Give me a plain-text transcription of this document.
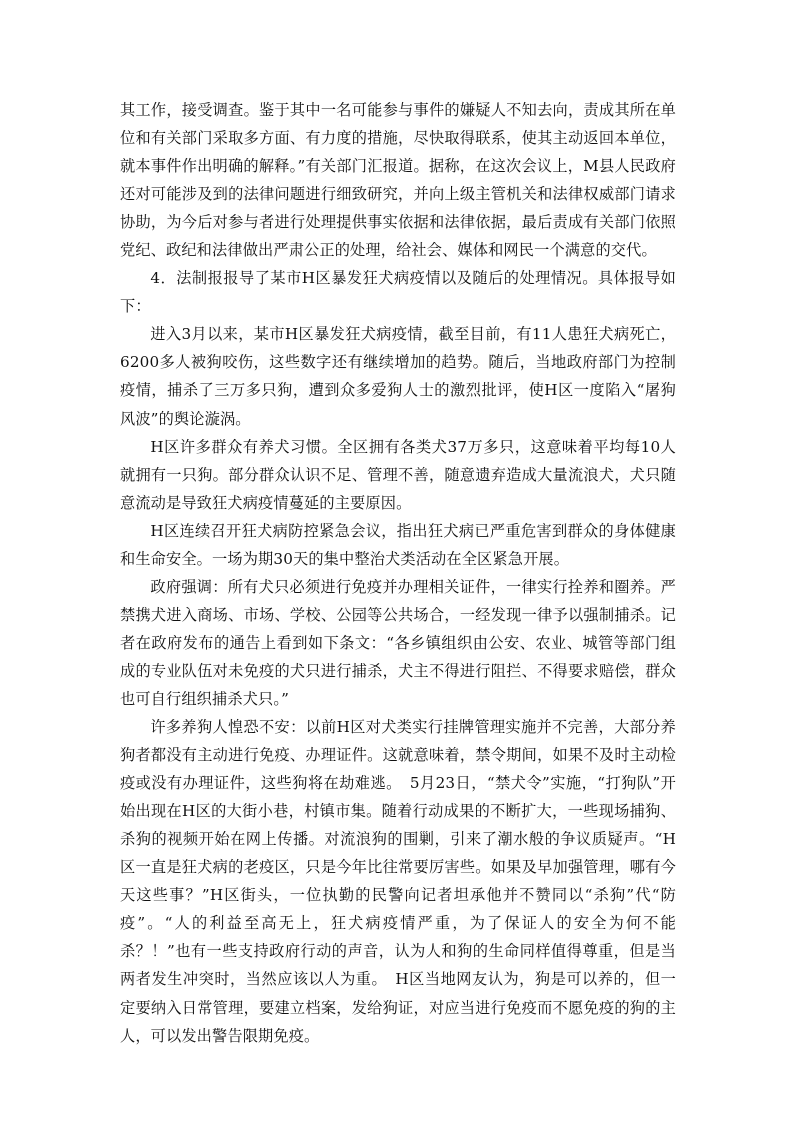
其工作，接受调查。鉴于其中一名可能参与事件的嫌疑人不知去向，责成其所在单位和有关部门采取多方面、有力度的措施，尽快取得联系，使其主动返回本单位，就本事件作出明确的解释。”有关部门汇报道。据称，在这次会议上，M县人民政府还对可能涉及到的法律问题进行细致研究，并向上级主管机关和法律权威部门请求协助，为今后对参与者进行处理提供事实依据和法律依据，最后责成有关部门依照党纪、政纪和法律做出严肃公正的处理，给社会、媒体和网民一个满意的交代。

4．法制报报导了某市H区暴发狂犬病疫情以及随后的处理情况。具体报导如下：

进入3月以来，某市H区暴发狂犬病疫情，截至目前，有11人患狂犬病死亡，6200多人被狗咬伤，这些数字还有继续增加的趋势。随后，当地政府部门为控制疫情，捕杀了三万多只狗，遭到众多爱狗人士的激烈批评，使H区一度陷入“屠狗风波”的舆论漩涡。

H区许多群众有养犬习惯。全区拥有各类犬37万多只，这意味着平均每10人就拥有一只狗。部分群众认识不足、管理不善，随意遗弃造成大量流浪犬，犬只随意流动是导致狂犬病疫情蔓延的主要原因。

H区连续召开狂犬病防控紧急会议，指出狂犬病已严重危害到群众的身体健康和生命安全。一场为期30天的集中整治犬类活动在全区紧急开展。

政府强调：所有犬只必须进行免疫并办理相关证件，一律实行拴养和圈养。严禁携犬进入商场、市场、学校、公园等公共场合，一经发现一律予以强制捕杀。记者在政府发布的通告上看到如下条文：“各乡镇组织由公安、农业、城管等部门组成的专业队伍对未免疫的犬只进行捕杀，犬主不得进行阻拦、不得要求赔偿，群众也可自行组织捕杀犬只。”

许多养狗人惶恐不安：以前H区对犬类实行挂牌管理实施并不完善，大部分养狗者都没有主动进行免疫、办理证件。这就意味着，禁令期间，如果不及时主动检疫或没有办理证件，这些狗将在劫难逃。　5月23日，“禁犬令”实施，“打狗队”开始出现在H区的大街小巷，村镇市集。随着行动成果的不断扩大，一些现场捕狗、杀狗的视频开始在网上传播。对流浪狗的围剿，引来了潮水般的争议质疑声。“H区一直是狂犬病的老疫区，只是今年比往常要厉害些。如果及早加强管理，哪有今天这些事？”H区街头，一位执勤的民警向记者坦承他并不赞同以“杀狗”代“防疫”。“人的利益至高无上，狂犬病疫情严重，为了保证人的安全为何不能杀？！”也有一些支持政府行动的声音，认为人和狗的生命同样值得尊重，但是当两者发生冲突时，当然应该以人为重。　H区当地网友认为，狗是可以养的，但一定要纳入日常管理，要建立档案，发给狗证，对应当进行免疫而不愿免疫的狗的主人，可以发出警告限期免疫。
